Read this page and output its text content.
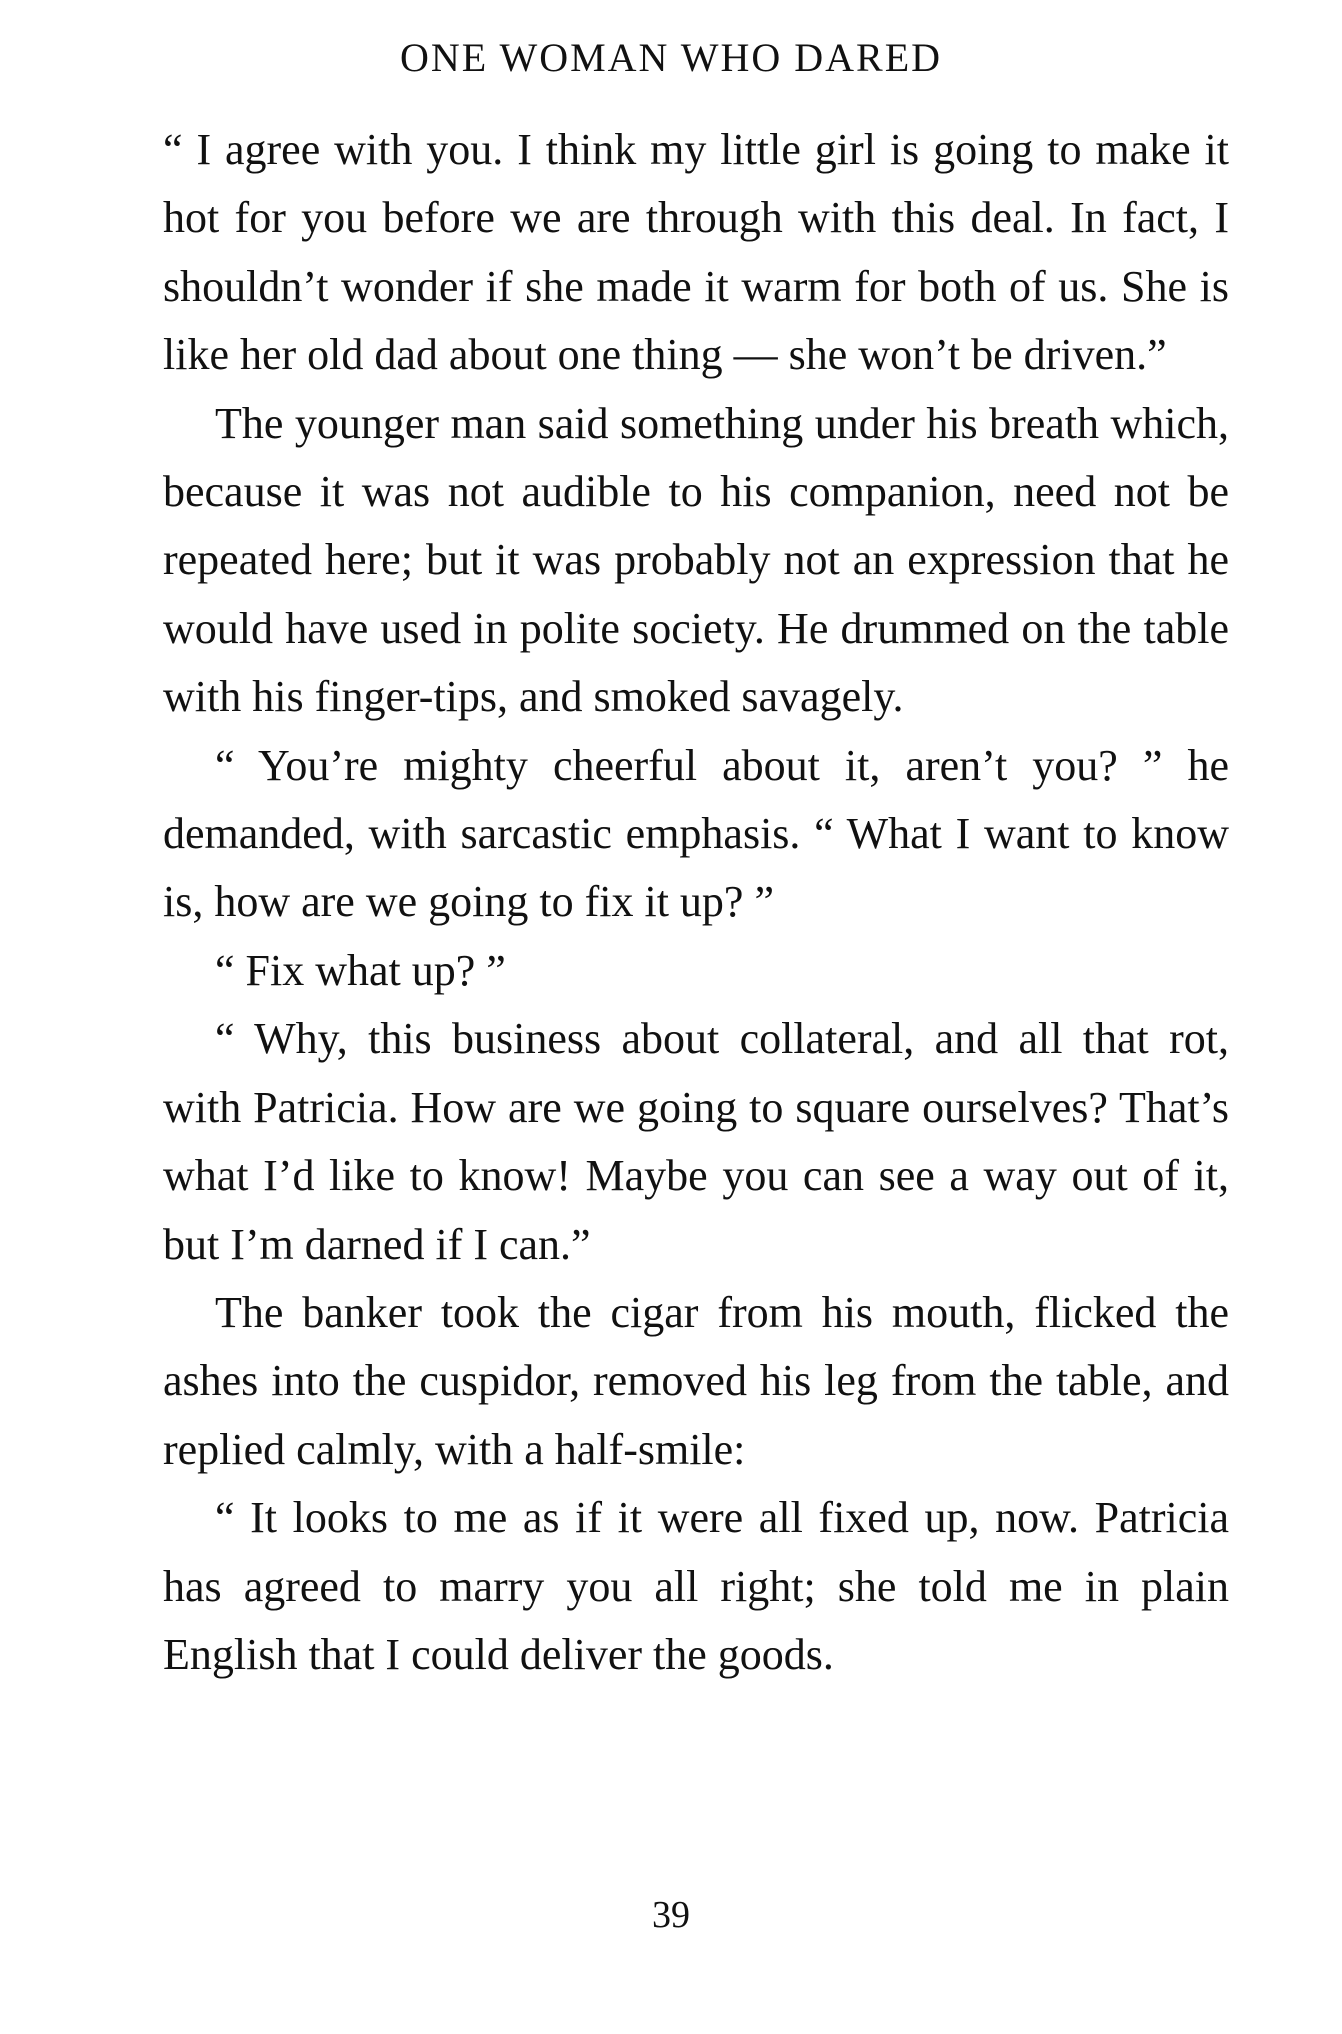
ONE WOMAN WHO DARED

“ I agree with you. I think my little girl is going to make it hot for you before we are through with this deal. In fact, I shouldn’t wonder if she made it warm for both of us. She is like her old dad about one thing — she won’t be driven.”

The younger man said something under his breath which, because it was not audible to his companion, need not be repeated here; but it was probably not an expression that he would have used in polite society. He drummed on the table with his finger-tips, and smoked savagely.

“ You’re mighty cheerful about it, aren’t you? ” he demanded, with sarcastic emphasis. “ What I want to know is, how are we going to fix it up? ”

“ Fix what up? ”

“ Why, this business about collateral, and all that rot, with Patricia. How are we going to square ourselves? That’s what I’d like to know! Maybe you can see a way out of it, but I’m darned if I can.”

The banker took the cigar from his mouth, flicked the ashes into the cuspidor, removed his leg from the table, and replied calmly, with a half-smile:

“ It looks to me as if it were all fixed up, now. Patricia has agreed to marry you all right; she told me in plain English that I could deliver the goods.

39
